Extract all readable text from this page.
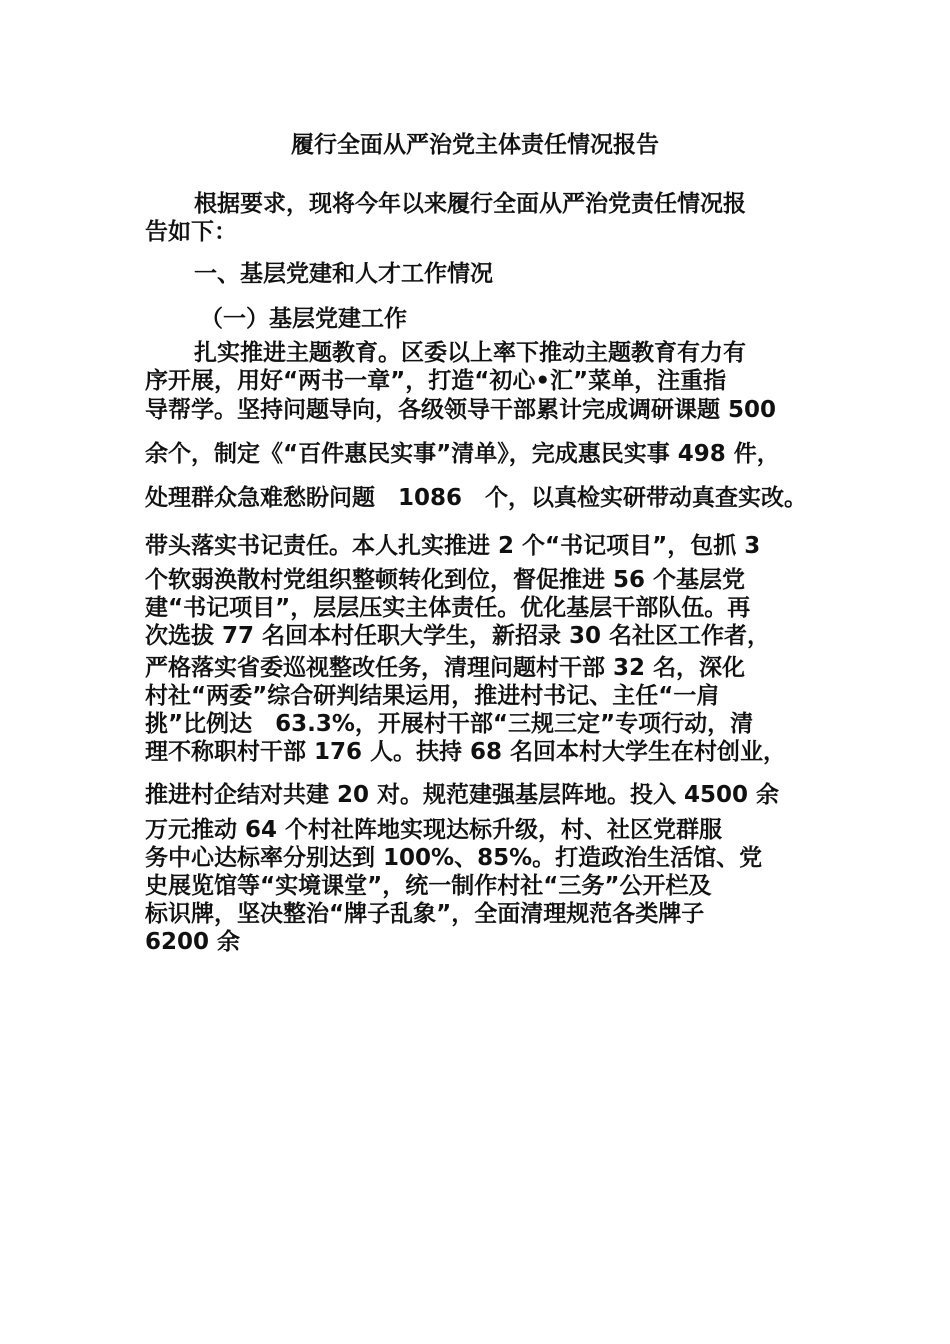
履行全面从严治党主体责任情况报告
根据要求，现将今年以来履行全面从严治党责任情况报
告如下：
一、基层党建和人才工作情况
（一）基层党建工作
扎实推进主题教育。区委以上率下推动主题教育有力有
序开展，用好“两书一章”，打造“初心•汇”菜单，注重指
导帮学。坚持问题导向，各级领导干部累计完成调研课题 500
余个，制定《“百件惠民实事”清单》，完成惠民实事 498 件，
处理群众急难愁盼问题　1086　个，以真检实研带动真查实改。
带头落实书记责任。本人扎实推进 2 个“书记项目”，包抓 3
个软弱涣散村党组织整顿转化到位，督促推进 56 个基层党
建“书记项目”，层层压实主体责任。优化基层干部队伍。再
次选拔 77 名回本村任职大学生，新招录 30 名社区工作者，
严格落实省委巡视整改任务，清理问题村干部 32 名，深化
村社“两委”综合研判结果运用，推进村书记、主任“一肩
挑”比例达　63.3%，开展村干部“三规三定”专项行动，清
理不称职村干部 176 人。扶持 68 名回本村大学生在村创业，
推进村企结对共建 20 对。规范建强基层阵地。投入 4500 余
万元推动 64 个村社阵地实现达标升级，村、社区党群服
务中心达标率分别达到 100%、85%。打造政治生活馆、党
史展览馆等“实境课堂”，统一制作村社“三务”公开栏及
标识牌，坚决整治“牌子乱象”，全面清理规范各类牌子
6200 余
